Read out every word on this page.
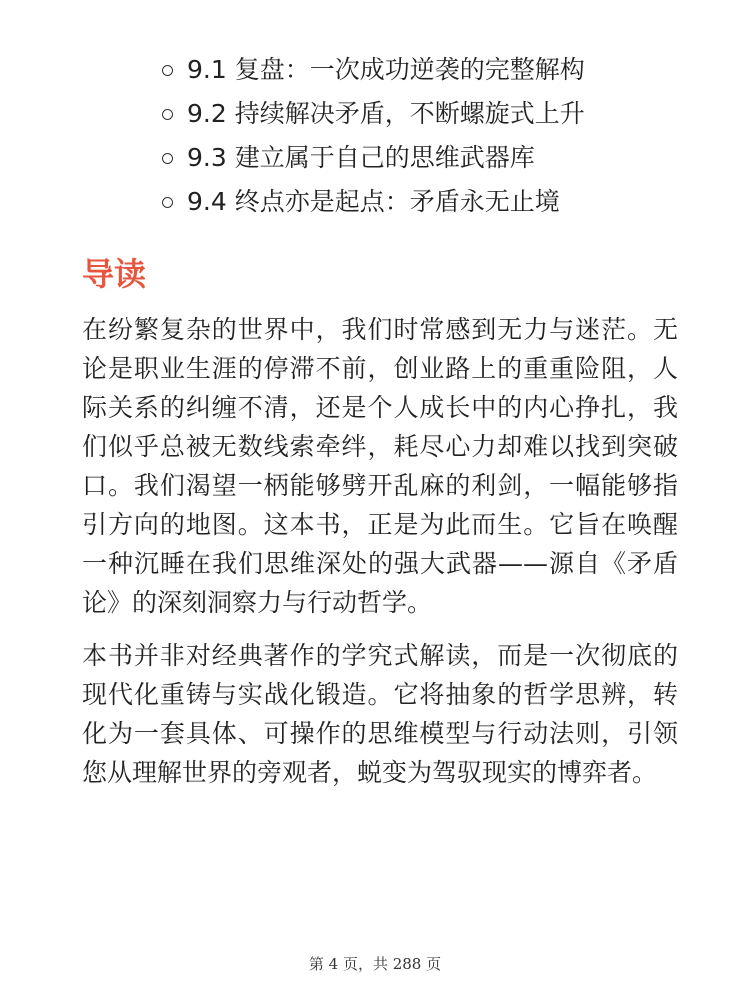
9.1 复盘：一次成功逆袭的完整解构
9.2 持续解决矛盾，不断螺旋式上升
9.3 建立属于自己的思维武器库
9.4 终点亦是起点：矛盾永无止境
导读

在纷繁复杂的世界中，我们时常感到无力与迷茫。无论是职业生涯的停滞不前，创业路上的重重险阻，人际关系的纠缠不清，还是个人成长中的内心挣扎，我们似乎总被无数线索牵绊，耗尽心力却难以找到突破口。我们渴望一柄能够劈开乱麻的利剑，一幅能够指引方向的地图。这本书，正是为此而生。它旨在唤醒一种沉睡在我们思维深处的强大武器——源自《矛盾论》的深刻洞察力与行动哲学。

本书并非对经典著作的学究式解读，而是一次彻底的现代化重铸与实战化锻造。它将抽象的哲学思辨，转化为一套具体、可操作的思维模型与行动法则，引领您从理解世界的旁观者，蜕变为驾驭现实的博弈者。

第 4 页，共 288 页
